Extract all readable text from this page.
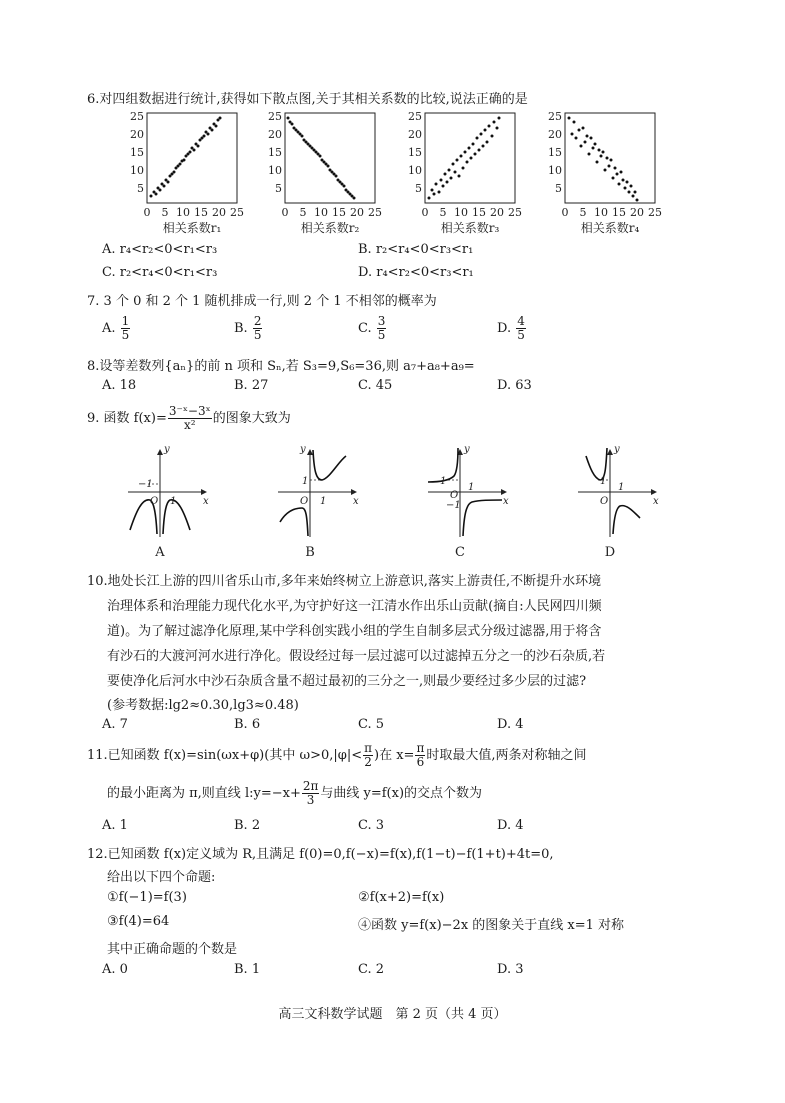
6.对四组数据进行统计,获得如下散点图,关于其相关系数的比较,说法正确的是
25
20
15
10
5
0 5 10 15 20 25
相关系数r₁
25
20
15
10
5
0 5 10 15 20 25
相关系数r₂
25
20
15
10
5
0 5 10 15 20 25
相关系数r₃
25
20
15
10
5
0 5 10 15 20 25
相关系数r₄
A. r₄<r₂<0<r₁<r₃	B. r₂<r₄<0<r₃<r₁
C. r₂<r₄<0<r₁<r₃	D. r₄<r₂<0<r₃<r₁
7. 3 个 0 和 2 个 1 随机排成一行,则 2 个 1 不相邻的概率为
A. $\frac{1}{5}$	B. $\frac{2}{5}$	C. $\frac{3}{5}$	D. $\frac{4}{5}$
8.设等差数列{aₙ}的前 n 项和 Sₙ,若 S₃=9,S₆=36,则 a₇+a₈+a₉=
A. 18	B. 27	C. 45	D. 63
9. 函数 $f(x)= \frac{\text{3⁻ˣ−3ˣ}}{\text{x²}}$ 的图象大致为
−1
O 1	x
y
A
1
O 1	x
y
B
1
O
1
−1	x
y
C
1
O
1
x
y
D
10.地处长江上游的四川省乐山市,多年来始终树立上游意识,落实上游责任,不断提升水环境
治理体系和治理能力现代化水平,为守护好这一江清水作出乐山贡献(摘自:人民网四川频
道)。为了解过滤净化原理,某中学科创实践小组的学生自制多层式分级过滤器,用于将含
有沙石的大渡河河水进行净化。假设经过每一层过滤可以过滤掉五分之一的沙石杂质,若
要使净化后河水中沙石杂质含量不超过最初的三分之一,则最少要经过多少层的过滤?
(参考数据:lg2≈0.30,lg3≈0.48)
A. 7	B. 6	C. 5	D. 4
11.已知函数 f(x)=sin(ωx+φ)(其中 $\omega>0,|\varphi|< \frac{\pi}{2}$ )在 $x= \frac{\pi}{6}$ 时取最大值,两条对称轴之间
的最小距离为 π,则直线 l:y=−x+ $\frac{2\pi}{3}$ 与曲线 y=f(x)的交点个数为
A. 1	B. 2	C. 3	D. 4
12.已知函数 f(x)定义域为 R,且满足 f(0)=0,f(−x)=f(x),f(1−t)−f(1+t)+4t=0,
给出以下四个命题:
①f(−1)=f(3)	②f(x+2)=f(x)
③f(4)=64	④函数 y=f(x)−2x 的图象关于直线 x=1 对称
其中正确命题的个数是
A. 0	B. 1	C. 2	D. 3
高三文科数学试题　第 2 页（共 4 页）
